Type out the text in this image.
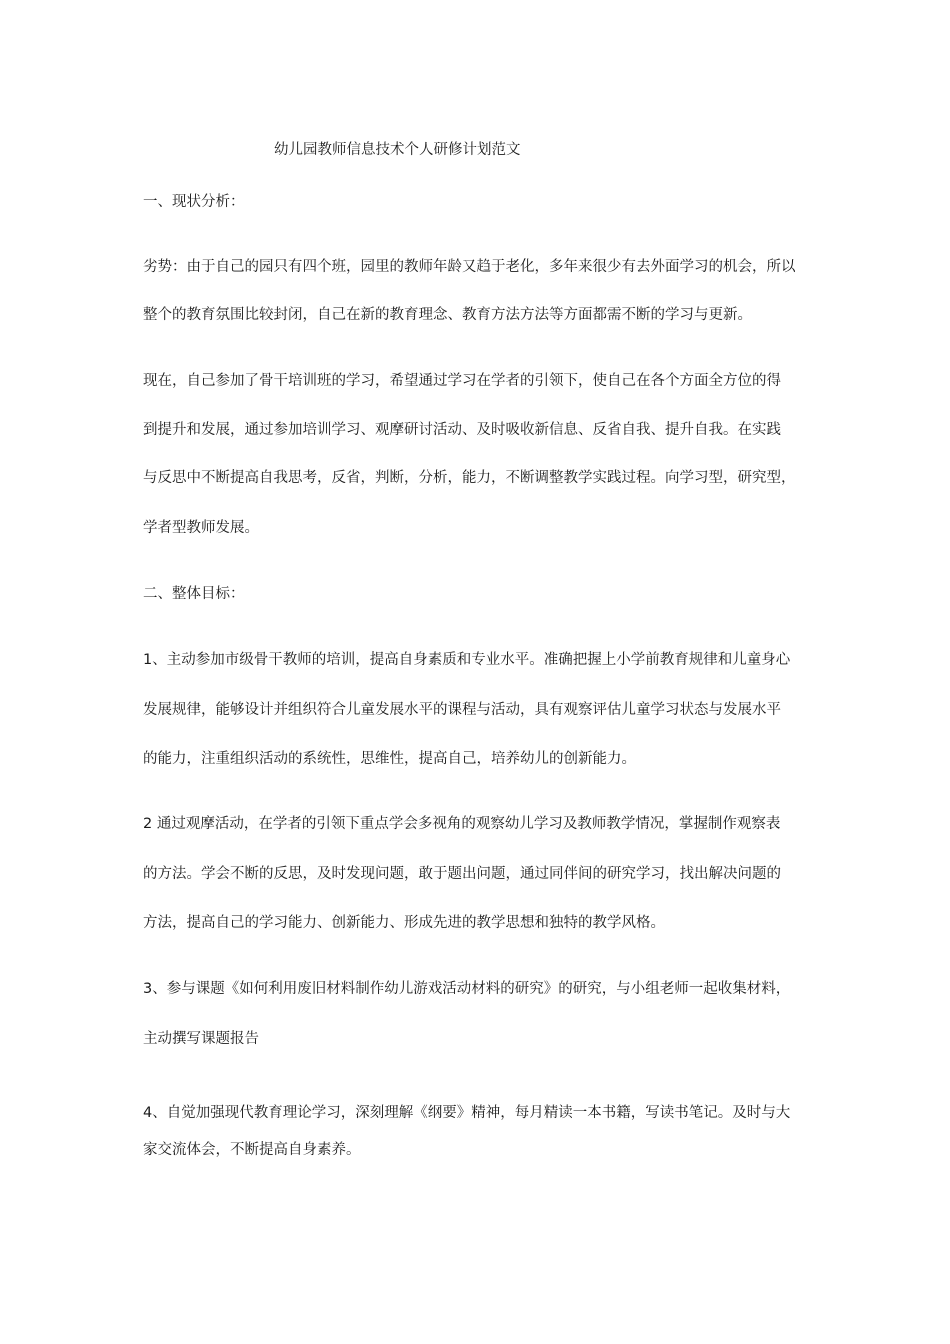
幼儿园教师信息技术个人研修计划范文

一、现状分析：

劣势：由于自己的园只有四个班，园里的教师年龄又趋于老化，多年来很少有去外面学习的机会，所以

整个的教育氛围比较封闭，自己在新的教育理念、教育方法方法等方面都需不断的学习与更新。

现在，自己参加了骨干培训班的学习，希望通过学习在学者的引领下，使自己在各个方面全方位的得

到提升和发展，通过参加培训学习、观摩研讨活动、及时吸收新信息、反省自我、提升自我。在实践

与反思中不断提高自我思考，反省，判断，分析，能力，不断调整教学实践过程。向学习型，研究型，

学者型教师发展。

二、整体目标：

1、主动参加市级骨干教师的培训，提高自身素质和专业水平。准确把握上小学前教育规律和儿童身心

发展规律，能够设计并组织符合儿童发展水平的课程与活动，具有观察评估儿童学习状态与发展水平

的能力，注重组织活动的系统性，思维性，提高自己，培养幼儿的创新能力。

2 通过观摩活动，在学者的引领下重点学会多视角的观察幼儿学习及教师教学情况，掌握制作观察表

的方法。学会不断的反思，及时发现问题，敢于题出问题，通过同伴间的研究学习，找出解决问题的

方法，提高自己的学习能力、创新能力、形成先进的教学思想和独特的教学风格。

3、参与课题《如何利用废旧材料制作幼儿游戏活动材料的研究》的研究，与小组老师一起收集材料，

主动撰写课题报告

4、自觉加强现代教育理论学习，深刻理解《纲要》精神，每月精读一本书籍，写读书笔记。及时与大

家交流体会，不断提高自身素养。
